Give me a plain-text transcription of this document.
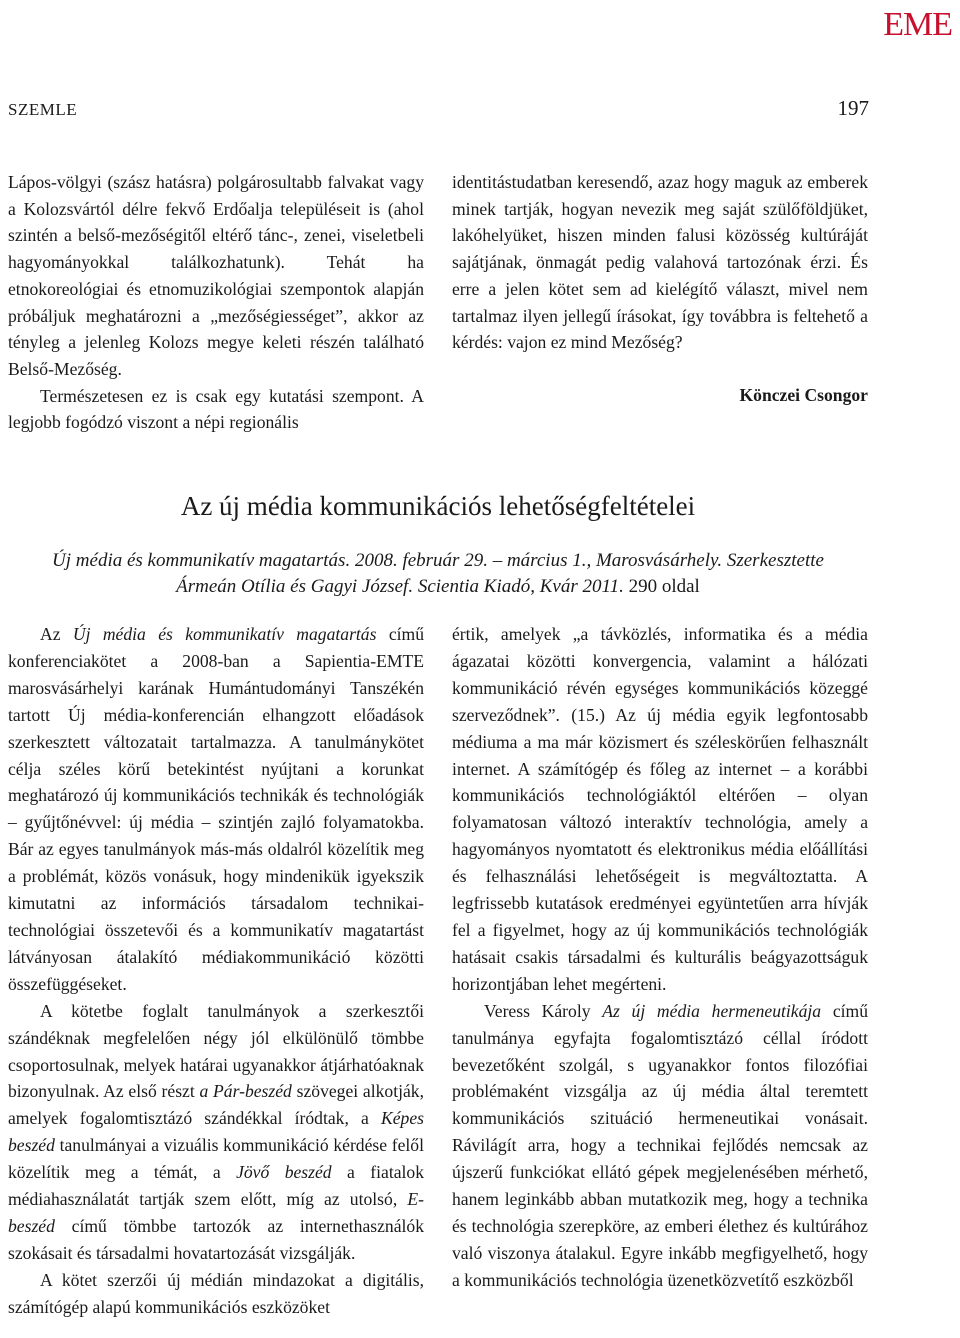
EME
SZEMLE	197

Lápos-völgyi (szász hatásra) polgárosultabb falvakat vagy a Kolozsvártól délre fekvő Erdőalja településeit is (ahol szintén a belső-mezőségitől eltérő tánc-, zenei, viseletbeli hagyományokkal találkozhatunk). Tehát ha etnokoreológiai és etnomuzikológiai szempontok alapján próbáljuk meghatározni a „mezőségiességet”, akkor az tényleg a jelenleg Kolozs megye keleti részén található Belső-Mezőség.

Természetesen ez is csak egy kutatási szempont. A legjobb fogódzó viszont a népi regionális

identitástudatban keresendő, azaz hogy maguk az emberek minek tartják, hogyan nevezik meg saját szülőföldjüket, lakóhelyüket, hiszen minden falusi közösség kultúráját sajátjának, önmagát pedig valahová tartozónak érzi. És erre a jelen kötet sem ad kielégítő választ, mivel nem tartalmaz ilyen jellegű írásokat, így továbbra is feltehető a kérdés: vajon ez mind Mezőség?

Könczei Csongor
Az új média kommunikációs lehetőségfeltételei
Új média és kommunikatív magatartás. 2008. február 29. – március 1., Marosvásárhely. Szerkesztette
Ármeán Otília és Gagyi József. Scientia Kiadó, Kvár 2011. 290 oldal

Az Új média és kommunikatív magatartás című konferenciakötet a 2008-ban a Sapientia-EMTE marosvásárhelyi karának Humántudományi Tanszékén tartott Új média-konferencián elhangzott előadások szerkesztett változatait tartalmazza. A tanulmánykötet célja széles körű betekintést nyújtani a korunkat meghatározó új kommunikációs technikák és technológiák – gyűjtőnévvel: új média – szintjén zajló folyamatokba. Bár az egyes tanulmányok más-más oldalról közelítik meg a problémát, közös vonásuk, hogy mindenikük igyekszik kimutatni az információs társadalom technikai-technológiai összetevői és a kommunikatív magatartást látványosan átalakító médiakommunikáció közötti összefüggéseket.

A kötetbe foglalt tanulmányok a szerkesztői szándéknak megfelelően négy jól elkülönülő tömbbe csoportosulnak, melyek határai ugyanakkor átjárhatóaknak bizonyulnak. Az első részt a Pár-beszéd szövegei alkotják, amelyek fogalomtisztázó szándékkal íródtak, a Képes beszéd tanulmányai a vizuális kommunikáció kérdése felől közelítik meg a témát, a Jövő beszéd a fiatalok médiahasználatát tartják szem előtt, míg az utolsó, E-beszéd című tömbbe tartozók az internethasználók szokásait és társadalmi hovatartozását vizsgálják.

A kötet szerzői új médián mindazokat a digitális, számítógép alapú kommunikációs eszközöket

értik, amelyek „a távközlés, informatika és a média ágazatai közötti konvergencia, valamint a hálózati kommunikáció révén egységes kommunikációs közeggé szerveződnek”. (15.) Az új média egyik legfontosabb médiuma a ma már közismert és széleskörűen felhasznált internet. A számítógép és főleg az internet – a korábbi kommunikációs technológiáktól eltérően – olyan folyamatosan változó interaktív technológia, amely a hagyományos nyomtatott és elektronikus média előállítási és felhasználási lehetőségeit is megváltoztatta. A legfrissebb kutatások eredményei együntetűen arra hívják fel a figyelmet, hogy az új kommunikációs technológiák hatásait csakis társadalmi és kulturális beágyazottságuk horizontjában lehet megérteni.

Veress Károly Az új média hermeneutikája című tanulmánya egyfajta fogalomtisztázó céllal íródott bevezetőként szolgál, s ugyanakkor fontos filozófiai problémaként vizsgálja az új média által teremtett kommunikációs szituáció hermeneutikai vonásait. Rávilágít arra, hogy a technikai fejlődés nemcsak az újszerű funkciókat ellátó gépek megjelenésében mérhető, hanem leginkább abban mutatkozik meg, hogy a technika és technológia szerepköre, az emberi élethez és kultúrához való viszonya átalakul. Egyre inkább megfigyelhető, hogy a kommunikációs technológia üzenetközvetítő eszközből
